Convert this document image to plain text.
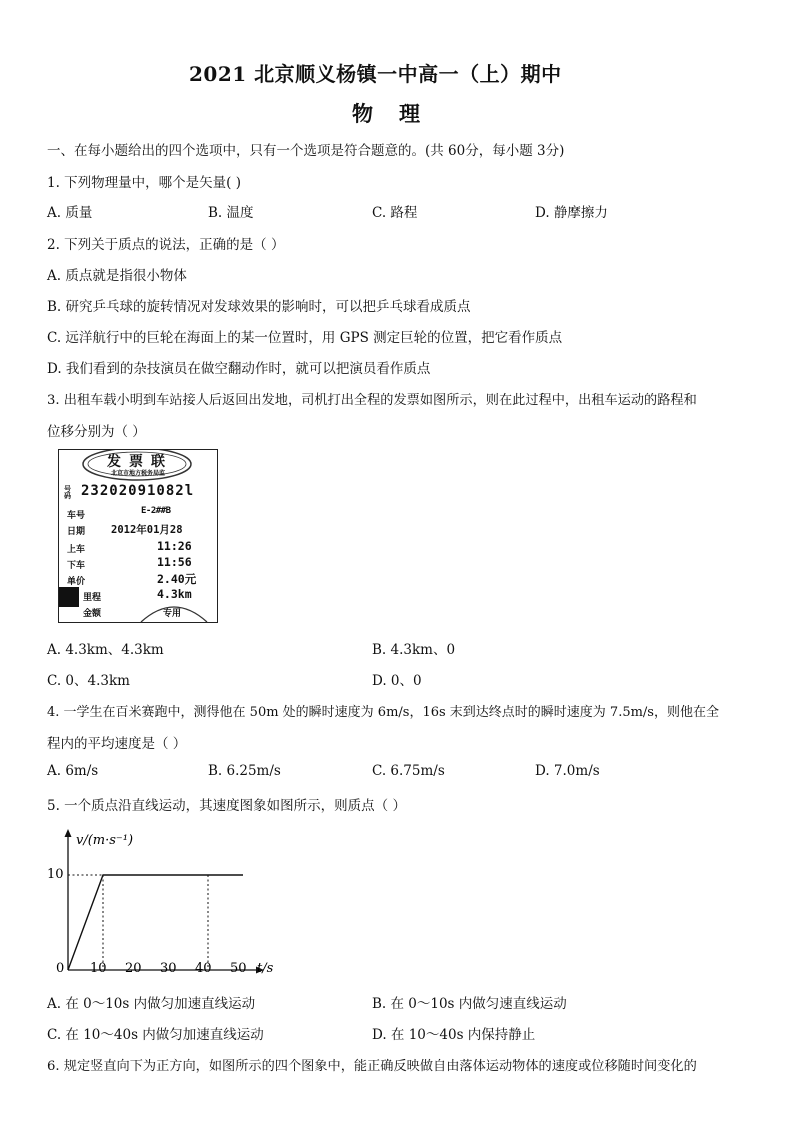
2021 北京顺义杨镇一中高一（上）期中
物理
一、在每小题给出的四个选项中，只有一个选项是符合题意的。(共 60分，每小题 3分)
1. 下列物理量中，哪个是矢量( )
A. 质量	B. 温度	C. 路程	D. 静摩擦力
2. 下列关于质点的说法，正确的是（ ）
A. 质点就是指很小物体
B. 研究乒乓球的旋转情况对发球效果的影响时，可以把乒乓球看成质点
C. 远洋航行中的巨轮在海面上的某一位置时，用 GPS 测定巨轮的位置，把它看作质点
D. 我们看到的杂技演员在做空翻动作时，就可以把演员看作质点
3. 出租车载小明到车站接人后返回出发地，司机打出全程的发票如图所示，则在此过程中，出租车运动的路程和
位移分别为（ ）
发票联
北京市地方税务局监
号码 23202091082l
车号	E-2##B
日期 2012年01月28
上车	11:26
下车	11:56
单价	2.40元
里程	4.3km
金额	专用
A. 4.3km、4.3km	B. 4.3km、0
C. 0、4.3km	D. 0、0
4. 一学生在百米赛跑中，测得他在 50m 处的瞬时速度为 6m/s，16s 末到达终点时的瞬时速度为 7.5m/s，则他在全
程内的平均速度是（ ）
A. 6m/s	B. 6.25m/s	C. 6.75m/s	D. 7.0m/s
5. 一个质点沿直线运动，其速度图象如图所示，则质点（ ）
v/(m·s⁻¹)
t/s
10
0 10 20 30 40 50
A. 在 0～10s 内做匀加速直线运动	B. 在 0～10s 内做匀速直线运动
C. 在 10～40s 内做匀加速直线运动	D. 在 10～40s 内保持静止
6. 规定竖直向下为正方向，如图所示的四个图象中，能正确反映做自由落体运动物体的速度或位移随时间变化的
